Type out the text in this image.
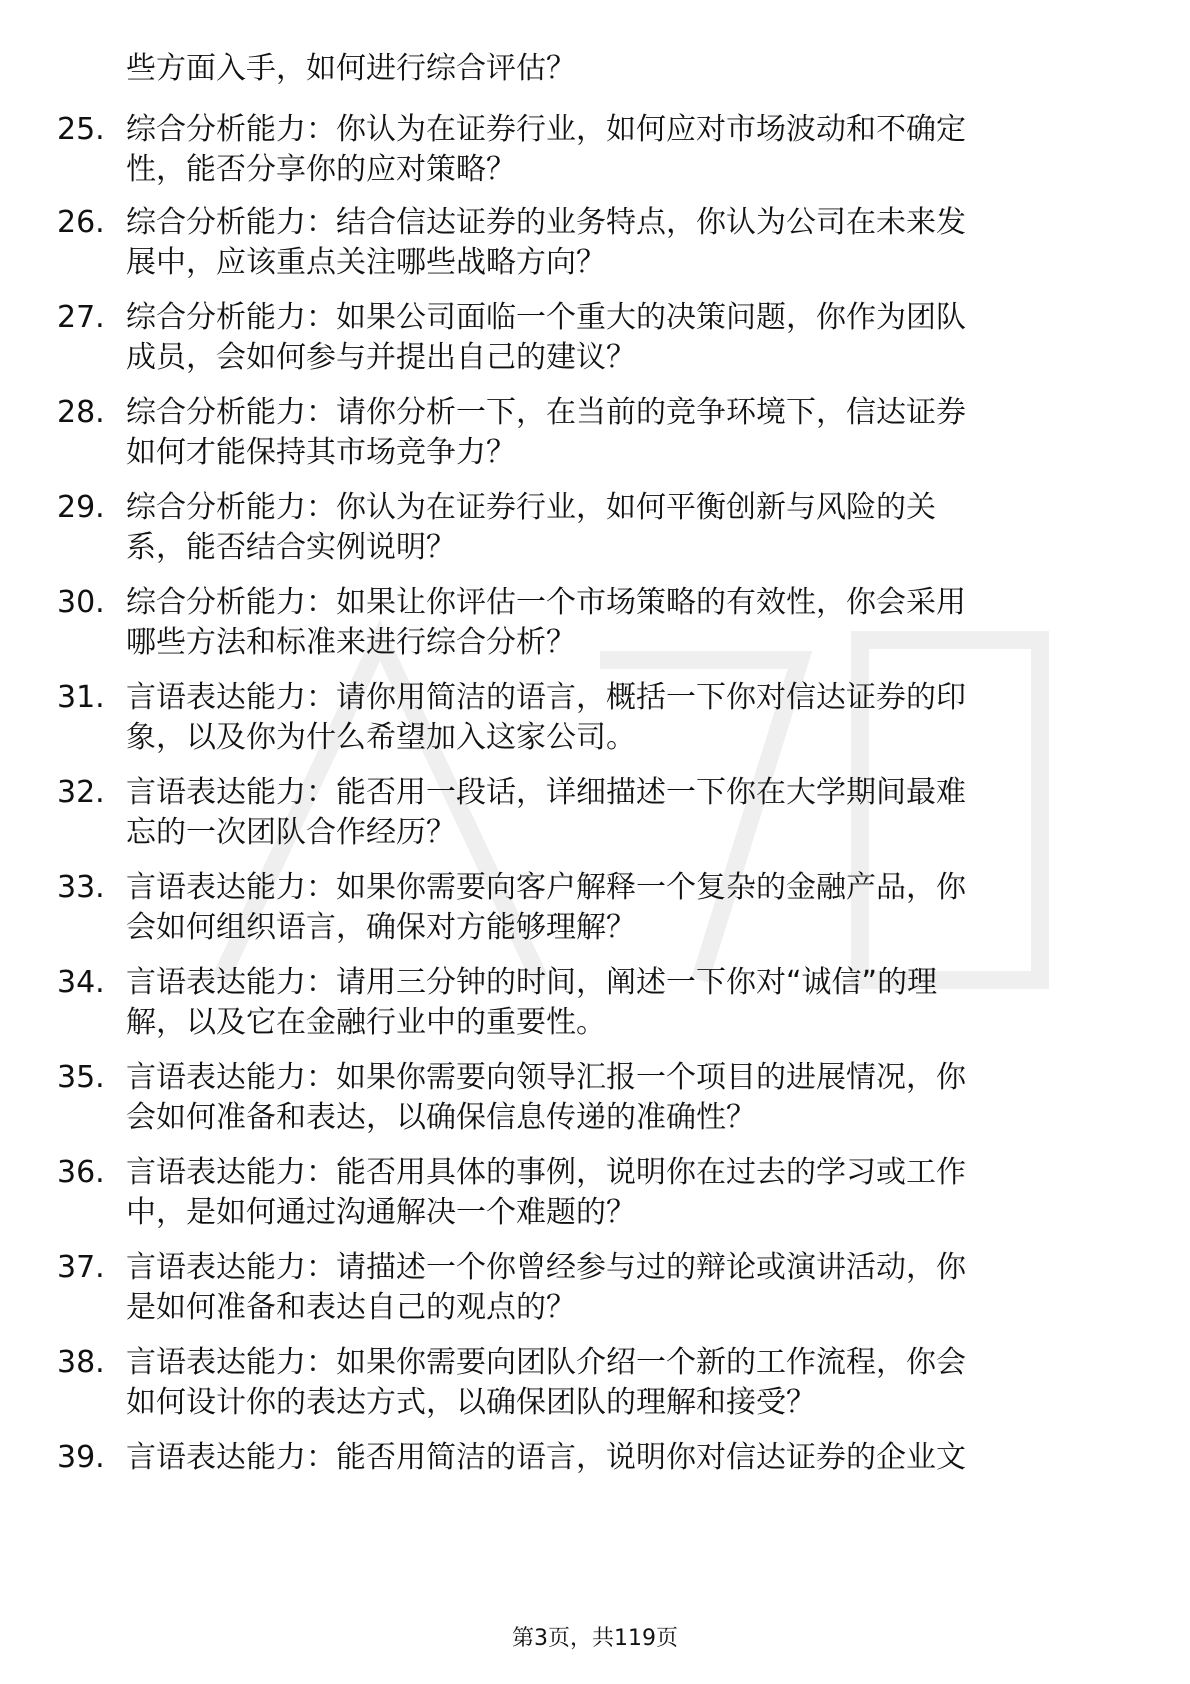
些方面入手，如何进行综合评估？
25. 综合分析能力：你认为在证券行业，如何应对市场波动和不确定
性，能否分享你的应对策略？
26. 综合分析能力：结合信达证券的业务特点，你认为公司在未来发
展中，应该重点关注哪些战略方向？
27. 综合分析能力：如果公司面临一个重大的决策问题，你作为团队
成员，会如何参与并提出自己的建议？
28. 综合分析能力：请你分析一下，在当前的竞争环境下，信达证券
如何才能保持其市场竞争力？
29. 综合分析能力：你认为在证券行业，如何平衡创新与风险的关
系，能否结合实例说明？
30. 综合分析能力：如果让你评估一个市场策略的有效性，你会采用
哪些方法和标准来进行综合分析？
31. 言语表达能力：请你用简洁的语言，概括一下你对信达证券的印
象，以及你为什么希望加入这家公司。
32. 言语表达能力：能否用一段话，详细描述一下你在大学期间最难
忘的一次团队合作经历？
33. 言语表达能力：如果你需要向客户解释一个复杂的金融产品，你
会如何组织语言，确保对方能够理解？
34. 言语表达能力：请用三分钟的时间，阐述一下你对“诚信”的理
解，以及它在金融行业中的重要性。
35. 言语表达能力：如果你需要向领导汇报一个项目的进展情况，你
会如何准备和表达，以确保信息传递的准确性？
36. 言语表达能力：能否用具体的事例，说明你在过去的学习或工作
中，是如何通过沟通解决一个难题的？
37. 言语表达能力：请描述一个你曾经参与过的辩论或演讲活动，你
是如何准备和表达自己的观点的？
38. 言语表达能力：如果你需要向团队介绍一个新的工作流程，你会
如何设计你的表达方式，以确保团队的理解和接受？
39. 言语表达能力：能否用简洁的语言，说明你对信达证券的企业文
第3页，共119页
